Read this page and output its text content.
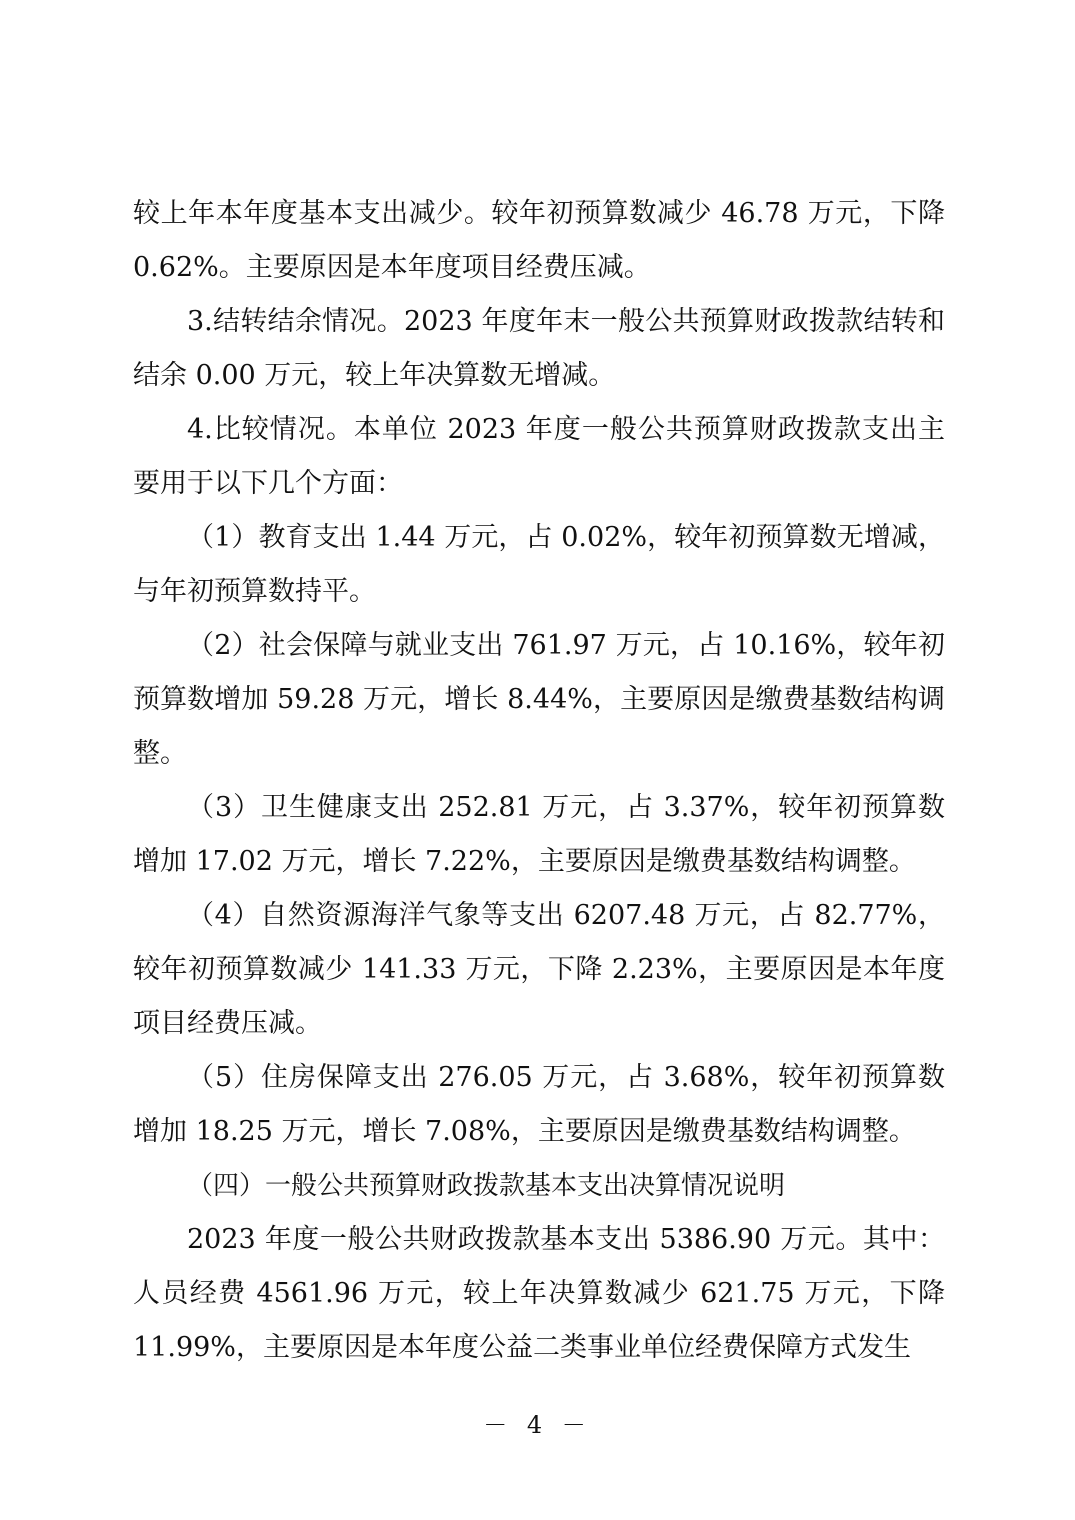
较上年本年度基本支出减少。较年初预算数减少 46.78 万元，下降 0.62%。主要原因是本年度项目经费压减。

3.结转结余情况。2023 年度年末一般公共预算财政拨款结转和结余 0.00 万元，较上年决算数无增减。

4.比较情况。本单位 2023 年度一般公共预算财政拨款支出主要用于以下几个方面：

（1）教育支出 1.44 万元，占 0.02%，较年初预算数无增减，与年初预算数持平。

（2）社会保障与就业支出 761.97 万元，占 10.16%，较年初预算数增加 59.28 万元，增长 8.44%，主要原因是缴费基数结构调整。

（3）卫生健康支出 252.81 万元，占 3.37%，较年初预算数增加 17.02 万元，增长 7.22%，主要原因是缴费基数结构调整。

（4）自然资源海洋气象等支出 6207.48 万元，占 82.77%，较年初预算数减少 141.33 万元，下降 2.23%，主要原因是本年度项目经费压减。

（5）住房保障支出 276.05 万元，占 3.68%，较年初预算数增加 18.25 万元，增长 7.08%，主要原因是缴费基数结构调整。

（四）一般公共预算财政拨款基本支出决算情况说明

2023 年度一般公共财政拨款基本支出 5386.90 万元。其中：人员经费 4561.96 万元，较上年决算数减少 621.75 万元，下降 11.99%，主要原因是本年度公益二类事业单位经费保障方式发生

－ 4 －
